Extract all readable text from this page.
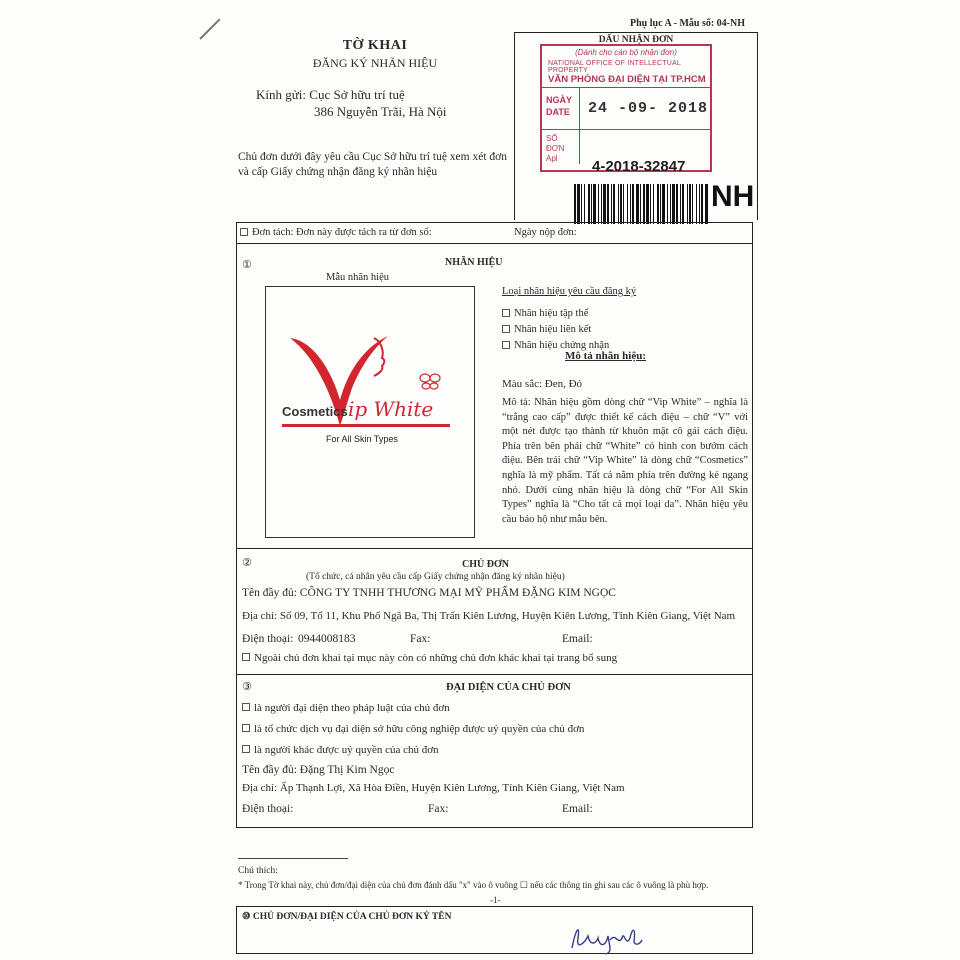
Phụ lục A - Mẫu số: 04-NH
TỜ KHAI
ĐĂNG KÝ NHÃN HIỆU
Kính gửi: Cục Sở hữu trí tuệ
386 Nguyễn Trãi, Hà Nội
Chủ đơn dưới đây yêu cầu Cục Sở hữu trí tuệ xem xét đơn và cấp Giấy chứng nhận đăng ký nhãn hiệu
DẤU NHẬN ĐƠN
(Dành cho cán bộ nhận đơn)
NATIONAL OFFICE OF INTELLECTUAL PROPERTY
VĂN PHÒNG ĐẠI DIỆN TẠI TP.HCM
NGÀY
DATE	24 -09- 2018
SỐ ĐƠN
Apl	4-2018-32847
NH
Đơn tách: Đơn này được tách ra từ đơn số:	Ngày nộp đơn:
①	NHÃN HIỆU
Mẫu nhãn hiệu
Cosmetics ip White
For All Skin Types
Loại nhãn hiệu yêu cầu đăng ký
Nhãn hiệu tập thể
Nhãn hiệu liên kết
Nhãn hiệu chứng nhận
Mô tả nhãn hiệu:
Màu sắc: Đen, Đỏ
Mô tả: Nhãn hiệu gồm dòng chữ “Vip White” – nghĩa là “trắng cao cấp” được thiết kế cách điệu – chữ “V” với một nét được tạo thành từ khuôn mặt cô gái cách điệu. Phía trên bên phải chữ “White” có hình con bướm cách điệu. Bên trái chữ “Vip White” là dòng chữ “Cosmetics” nghĩa là mỹ phẩm. Tất cả nằm phía trên đường kẻ ngang nhỏ. Dưới cùng nhãn hiệu là dòng chữ “For All Skin Types” nghĩa là “Cho tất cả mọi loại da”. Nhãn hiệu yêu cầu bảo hộ như mẫu bên.
②	CHỦ ĐƠN
(Tổ chức, cá nhân yêu cầu cấp Giấy chứng nhận đăng ký nhãn hiệu)
Tên đầy đủ: CÔNG TY TNHH THƯƠNG MẠI MỸ PHẨM ĐẶNG KIM NGỌC
Địa chỉ: Số 09, Tổ 11, Khu Phố Ngã Ba, Thị Trấn Kiên Lương, Huyện Kiên Lương, Tỉnh Kiên Giang, Việt Nam
Điện thoại: 0944008183	Fax:	Email:
Ngoài chủ đơn khai tại mục này còn có những chủ đơn khác khai tại trang bổ sung
③	ĐẠI DIỆN CỦA CHỦ ĐƠN
là người đại diện theo pháp luật của chủ đơn
là tổ chức dịch vụ đại diện sở hữu công nghiệp được uỷ quyền của chủ đơn
là người khác được uỷ quyền của chủ đơn
Tên đầy đủ: Đặng Thị Kim Ngọc
Địa chỉ: Ấp Thạnh Lợi, Xã Hòa Điền, Huyện Kiên Lương, Tỉnh Kiên Giang, Việt Nam
Điện thoại:	Fax:	Email:
Chú thích:
* Trong Tờ khai này, chủ đơn/đại diện của chủ đơn đánh dấu "x" vào ô vuông ☐ nếu các thông tin ghi sau các ô vuông là phù hợp.
-1-
⑩ CHỦ ĐƠN/ĐẠI DIỆN CỦA CHỦ ĐƠN KÝ TÊN
